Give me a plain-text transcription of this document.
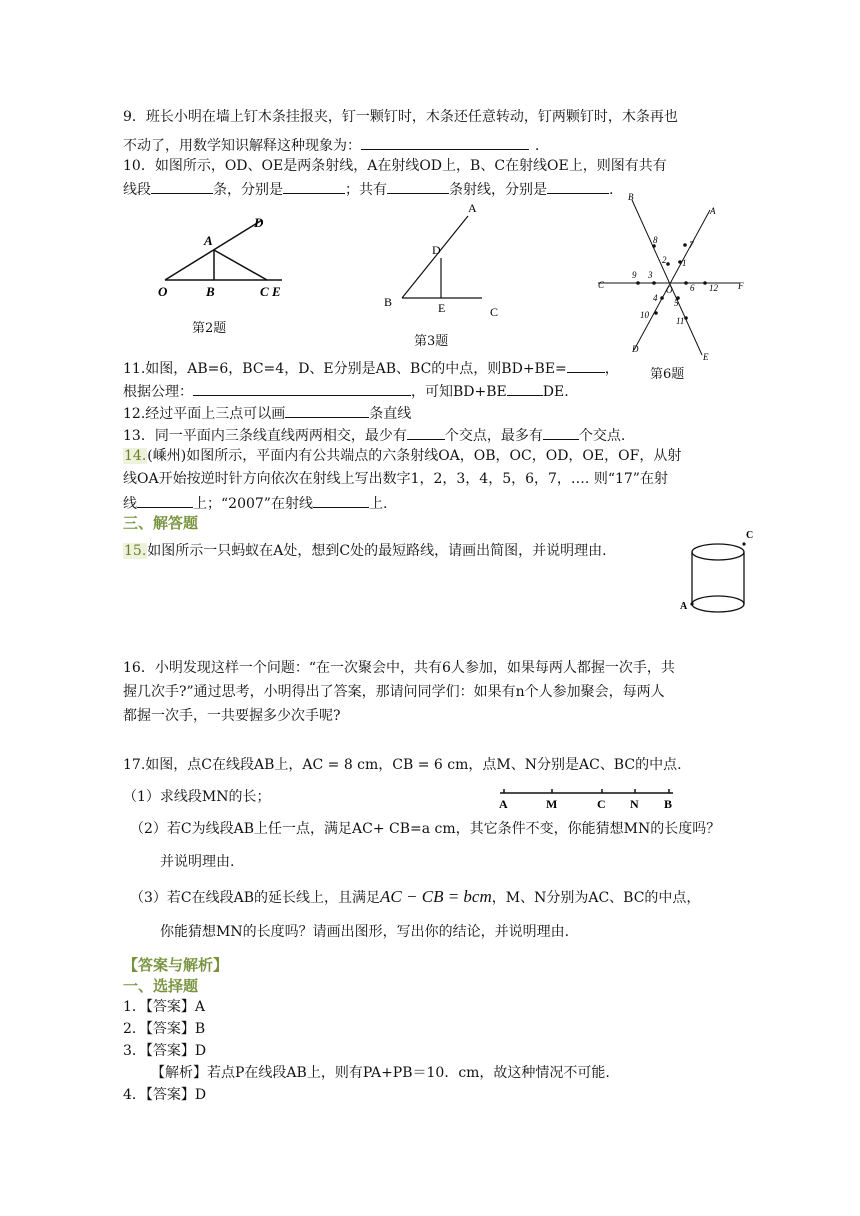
9．班长小明在墙上钉木条挂报夹，钉一颗钉时，木条还任意转动，钉两颗钉时，木条再也
不动了，用数学知识解释这种现象为：	．
10．如图所示，OD、OE是两条射线，A在射线OD上，B、C在射线OE上，则图有共有
线段	条，分别是	；共有	条射线，分别是	.
D
A
O	B	C E
第2题
A
D
B	E	C
第3题
B
A
8	7
2 1
9 3
C	O 6 12 F
4 5
10
11
D
E
第6题
11.如图，AB=6，BC=4，D、E分别是AB、BC的中点，则BD+BE=	，
根据公理：	，可知BD+BE	DE.
12.经过平面上三点可以画	条直线
13．同一平面内三条线直线两两相交，最少有	个交点，最多有	个交点.
14.(嵊州)如图所示，平面内有公共端点的六条射线OA，OB，OC，OD，OE，OF，从射
线OA开始按逆时针方向依次在射线上写出数字1，2，3，4，5，6，7，…. 则“17”在射
线	上；“2007”在射线	上.
三、解答题
15.如图所示一只蚂蚁在A处，想到C处的最短路线，请画出简图，并说明理由.
C
A
16．小明发现这样一个问题：“在一次聚会中，共有6人参加，如果每两人都握一次手，共
握几次手?”通过思考，小明得出了答案，那请问同学们：如果有n个人参加聚会，每两人
都握一次手，一共要握多少次手呢?
17.如图，点C在线段AB上，AC = 8 cm，CB = 6 cm，点M、N分别是AC、BC的中点.
（1）求线段MN的长；	A	M	C N B
（2）若C为线段AB上任一点，满足AC+ CB=a cm，其它条件不变，你能猜想MN的长度吗？
并说明理由.
（3）若C在线段AB的延长线上，且满足AC − CB = bcm，M、N分别为AC、BC的中点，
你能猜想MN的长度吗？请画出图形，写出你的结论，并说明理由.
【答案与解析】
一、选择题
1．【答案】A
2．【答案】B
3．【答案】D
【解析】若点P在线段AB上，则有PA+PB＝10．cm，故这种情况不可能.
4．【答案】D
